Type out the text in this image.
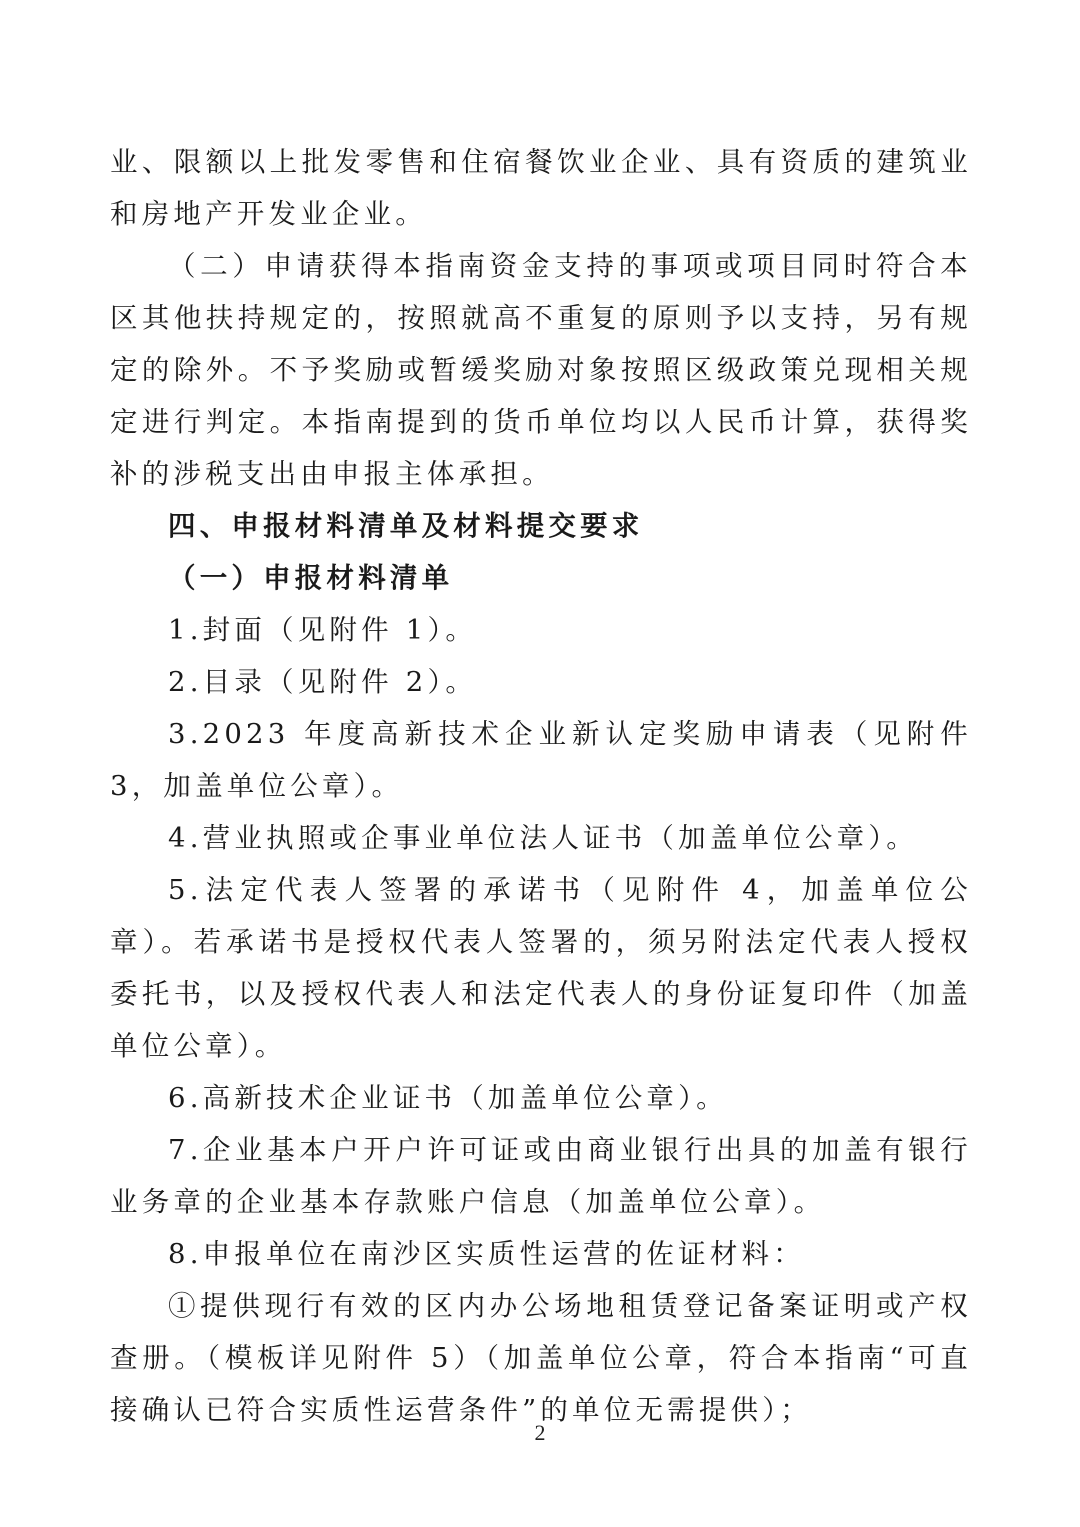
业、限额以上批发零售和住宿餐饮业企业、具有资质的建筑业和房地产开发业企业。

（二）申请获得本指南资金支持的事项或项目同时符合本区其他扶持规定的，按照就高不重复的原则予以支持，另有规定的除外。不予奖励或暂缓奖励对象按照区级政策兑现相关规定进行判定。本指南提到的货币单位均以人民币计算，获得奖补的涉税支出由申报主体承担。

四、申报材料清单及材料提交要求

（一）申报材料清单

1.封面（见附件 1）。

2.目录（见附件 2）。

3.2023 年度高新技术企业新认定奖励申请表（见附件 3，加盖单位公章）。

4.营业执照或企事业单位法人证书（加盖单位公章）。

5.法定代表人签署的承诺书（见附件 4，加盖单位公章）。若承诺书是授权代表人签署的，须另附法定代表人授权委托书，以及授权代表人和法定代表人的身份证复印件（加盖单位公章）。

6.高新技术企业证书（加盖单位公章）。

7.企业基本户开户许可证或由商业银行出具的加盖有银行业务章的企业基本存款账户信息（加盖单位公章）。

8.申报单位在南沙区实质性运营的佐证材料：

①提供现行有效的区内办公场地租赁登记备案证明或产权查册。（模板详见附件 5）（加盖单位公章，符合本指南“可直接确认已符合实质性运营条件”的单位无需提供）；

2
